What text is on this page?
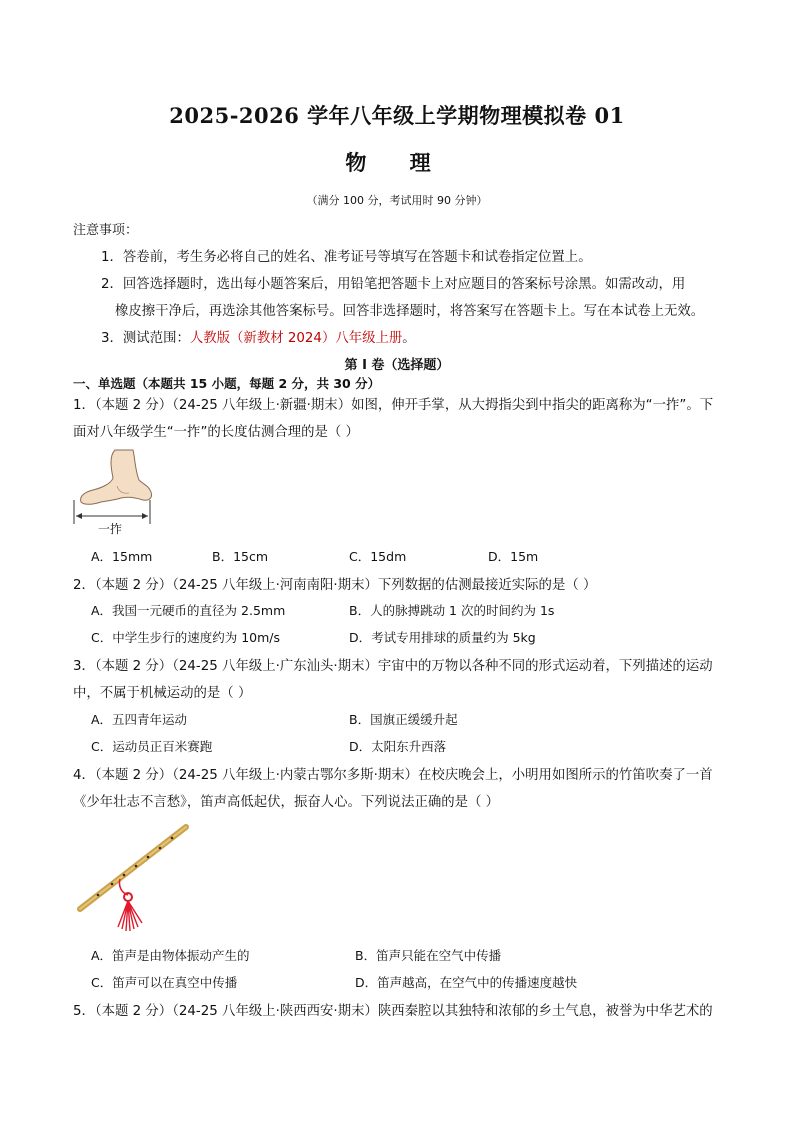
2025-2026 学年八年级上学期物理模拟卷 01
物 理
（满分 100 分，考试用时 90 分钟）
注意事项：
1．答卷前，考生务必将自己的姓名、准考证号等填写在答题卡和试卷指定位置上。
2．回答选择题时，选出每小题答案后，用铅笔把答题卡上对应题目的答案标号涂黑。如需改动，用
橡皮擦干净后，再选涂其他答案标号。回答非选择题时，将答案写在答题卡上。写在本试卷上无效。
3．测试范围：人教版（新教材 2024）八年级上册。
第 I 卷（选择题）
一、单选题（本题共 15 小题，每题 2 分，共 30 分）
1．（本题 2 分）（24-25 八年级上·新疆·期末）如图，伸开手掌，从大拇指尖到中指尖的距离称为“一拃”。下
面对八年级学生“一拃”的长度估测合理的是（ ）
一拃
A．15mm	B．15cm	C．15dm	D．15m
2．（本题 2 分）（24-25 八年级上·河南南阳·期末）下列数据的估测最接近实际的是（ ）
A．我国一元硬币的直径为 2.5mm	B．人的脉搏跳动 1 次的时间约为 1s
C．中学生步行的速度约为 10m/s	D．考试专用排球的质量约为 5kg
3．（本题 2 分）（24-25 八年级上·广东汕头·期末）宇宙中的万物以各种不同的形式运动着，下列描述的运动
中，不属于机械运动的是（ ）
A．五四青年运动	B．国旗正缓缓升起
C．运动员正百米赛跑	D．太阳东升西落
4．（本题 2 分）（24-25 八年级上·内蒙古鄂尔多斯·期末）在校庆晚会上，小明用如图所示的竹笛吹奏了一首
《少年壮志不言愁》，笛声高低起伏，振奋人心。下列说法正确的是（ ）
A．笛声是由物体振动产生的	B．笛声只能在空气中传播
C．笛声可以在真空中传播	D．笛声越高，在空气中的传播速度越快
5．（本题 2 分）（24-25 八年级上·陕西西安·期末）陕西秦腔以其独特和浓郁的乡土气息，被誉为中华艺术的
